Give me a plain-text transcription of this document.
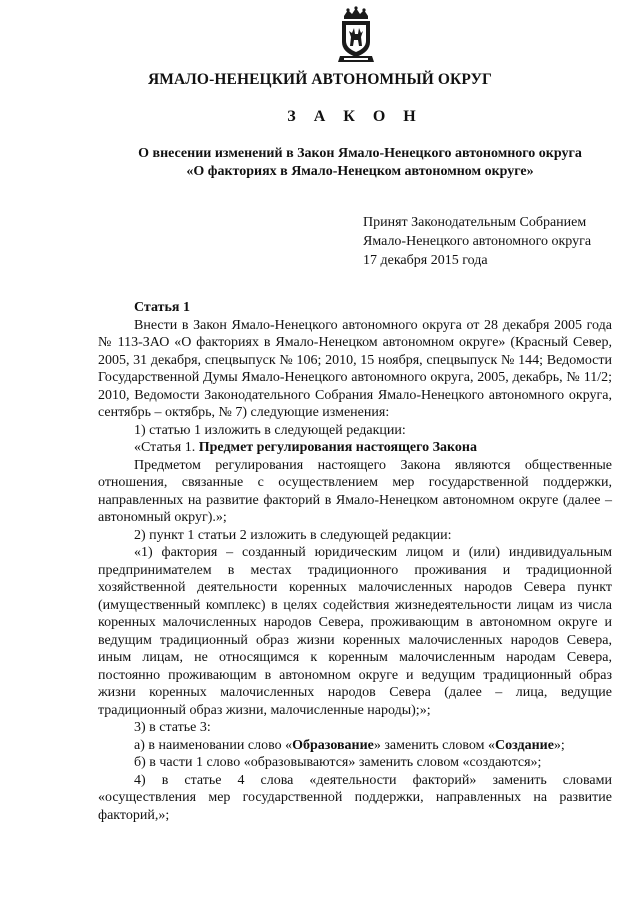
ЯМАЛО-НЕНЕЦКИЙ АВТОНОМНЫЙ ОКРУГ
З А К О Н
О внесении изменений в Закон Ямало-Ненецкого автономного округа
«О факториях в Ямало-Ненецком автономном округе»
Принят Законодательным Собранием
Ямало-Ненецкого автономного округа
17 декабря 2015 года

Статья 1

Внести в Закон Ямало-Ненецкого автономного округа от 28 декабря 2005 года № 113-ЗАО «О факториях в Ямало-Ненецком автономном округе» (Красный Север, 2005, 31 декабря, спецвыпуск № 106; 2010, 15 ноября, спецвыпуск № 144; Ведомости Государственной Думы Ямало-Ненецкого автономного округа, 2005, декабрь, № 11/2; 2010, Ведомости Законодательного Собрания Ямало-Ненецкого автономного округа, сентябрь – октябрь, № 7) следующие изменения:

1) статью 1 изложить в следующей редакции:

«Статья 1. Предмет регулирования настоящего Закона

Предметом регулирования настоящего Закона являются общественные отношения, связанные с осуществлением мер государственной поддержки, направленных на развитие факторий в Ямало-Ненецком автономном округе (далее – автономный округ).»;

2) пункт 1 статьи 2 изложить в следующей редакции:

«1) фактория – созданный юридическим лицом и (или) индивидуальным предпринимателем в местах традиционного проживания и традиционной хозяйственной деятельности коренных малочисленных народов Севера пункт (имущественный комплекс) в целях содействия жизнедеятельности лицам из числа коренных малочисленных народов Севера, проживающим в автономном округе и ведущим традиционный образ жизни коренных малочисленных народов Севера, иным лицам, не относящимся к коренным малочисленным народам Севера, постоянно проживающим в автономном округе и ведущим традиционный образ жизни коренных малочисленных народов Севера (далее – лица, ведущие традиционный образ жизни, малочисленные народы);»;

3) в статье 3:

а) в наименовании слово «Образование» заменить словом «Создание»;

б) в части 1 слово «образовываются» заменить словом «создаются»;

4) в статье 4 слова «деятельности факторий» заменить словами «осуществления мер государственной поддержки, направленных на развитие факторий,»;
